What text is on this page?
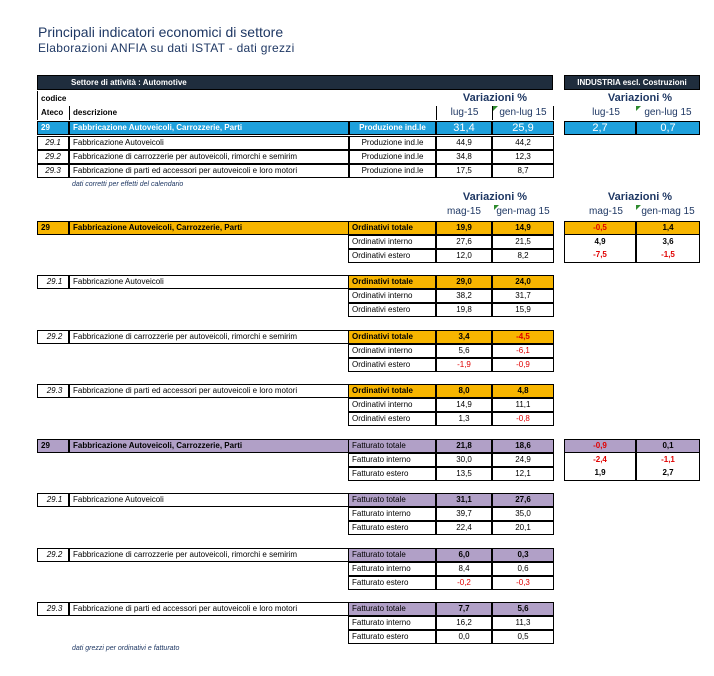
Principali indicatori economici di settore
Elaborazioni ANFIA su dati ISTAT - dati grezzi
Settore di attività : Automotive	INDUSTRIA escl. Costruzioni
codice
Ateco	descrizione
Variazioni %
lug-15	gen-lug 15
Variazioni %
lug-15	gen-lug 15
29	Fabbricazione Autoveicoli, Carrozzerie, Parti	Produzione ind.le	31,4	25,9	2,7	0,7
29.1	Fabbricazione Autoveicoli	Produzione ind.le	44,9	44,2
29.2	Fabbricazione di carrozzerie per autoveicoli, rimorchi e semirim	Produzione ind.le	34,8	12,3
29.3	Fabbricazione di parti ed accessori per autoveicoli e loro motori	Produzione ind.le	17,5	8,7
dati corretti per effetti del calendario
Variazioni %
mag-15	gen-mag 15
Variazioni %
mag-15	gen-mag 15
29	Fabbricazione Autoveicoli, Carrozzerie, Parti	Ordinativi totale	19,9	14,9	-0,5	1,4
Ordinativi interno	27,6	21,5	4,9	3,6
Ordinativi estero	12,0	8,2	-7,5	-1,5
29.1	Fabbricazione Autoveicoli	Ordinativi totale	29,0	24,0
Ordinativi interno	38,2	31,7
Ordinativi estero	19,8	15,9
29.2	Fabbricazione di carrozzerie per autoveicoli, rimorchi e semirim	Ordinativi totale	3,4	-4,5
Ordinativi interno	5,6	-6,1
Ordinativi estero	-1,9	-0,9
29.3	Fabbricazione di parti ed accessori per autoveicoli e loro motori	Ordinativi totale	8,0	4,8
Ordinativi interno	14,9	11,1
Ordinativi estero	1,3	-0,8
29	Fabbricazione Autoveicoli, Carrozzerie, Parti	Fatturato totale	21,8	18,6	-0,9	0,1
Fatturato interno	30,0	24,9	-2,4	-1,1
Fatturato estero	13,5	12,1	1,9	2,7
29.1	Fabbricazione Autoveicoli	Fatturato totale	31,1	27,6
Fatturato interno	39,7	35,0
Fatturato estero	22,4	20,1
29.2	Fabbricazione di carrozzerie per autoveicoli, rimorchi e semirim	Fatturato totale	6,0	0,3
Fatturato interno	8,4	0,6
Fatturato estero	-0,2	-0,3
29.3	Fabbricazione di parti ed accessori per autoveicoli e loro motori	Fatturato totale	7,7	5,6
Fatturato interno	16,2	11,3
Fatturato estero	0,0	0,5
dati grezzi per ordinativi e fatturato
